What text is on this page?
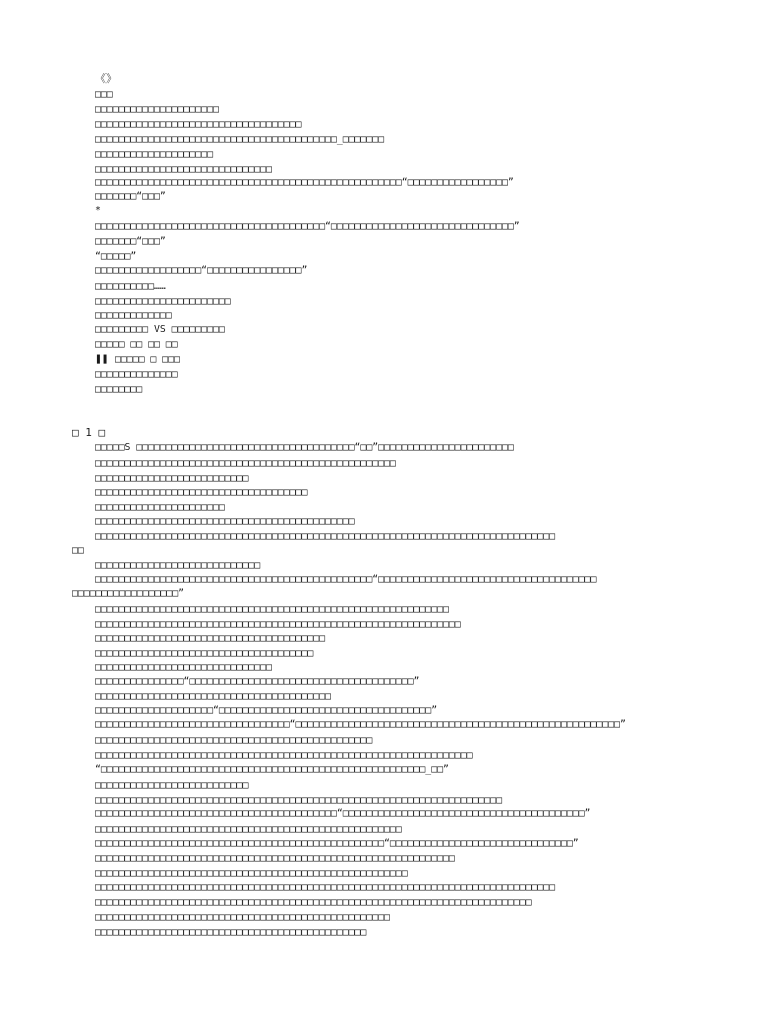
《》
□□□
□□□□□□□□□□□□□□□□□□□□□
□□□□□□□□□□□□□□□□□□□□□□□□□□□□□□□□□□□
□□□□□□□□□□□□□□□□□□□□□□□□□□□□□□□□□□□□□□□□□_□□□□□□□
□□□□□□□□□□□□□□□□□□□□
□□□□□□□□□□□□□□□□□□□□□□□□□□□□□□
□□□□□□□□□□□□□□□□□□□□□□□□□□□□□□□□□□□□□□□□□□□□□□□□□□□□“□□□□□□□□□□□□□□□□□”
□□□□□□□“□□□”
*
□□□□□□□□□□□□□□□□□□□□□□□□□□□□□□□□□□□□□□□“□□□□□□□□□□□□□□□□□□□□□□□□□□□□□□□”
□□□□□□□“□□□”
“□□□□□”
□□□□□□□□□□□□□□□□□□“□□□□□□□□□□□□□□□□”
□□□□□□□□□□……
□□□□□□□□□□□□□□□□□□□□□□□
□□□□□□□□□□□□□
□□□□□□□□□ VS □□□□□□□□□
□□□□□ □□ □□ □□
❚❚ □□□□□ □ □□□
□□□□□□□□□□□□□□
□□□□□□□□
□ 1 □
□□□□□S □□□□□□□□□□□□□□□□□□□□□□□□□□□□□□□□□□□□□“□□”□□□□□□□□□□□□□□□□□□□□□□□
□□□□□□□□□□□□□□□□□□□□□□□□□□□□□□□□□□□□□□□□□□□□□□□□□□□
□□□□□□□□□□□□□□□□□□□□□□□□□□
□□□□□□□□□□□□□□□□□□□□□□□□□□□□□□□□□□□□
□□□□□□□□□□□□□□□□□□□□□□
□□□□□□□□□□□□□□□□□□□□□□□□□□□□□□□□□□□□□□□□□□□□
□□□□□□□□□□□□□□□□□□□□□□□□□□□□□□□□□□□□□□□□□□□□□□□□□□□□□□□□□□□□□□□□□□□□□□□□□□□□□□
□□
□□□□□□□□□□□□□□□□□□□□□□□□□□□□
□□□□□□□□□□□□□□□□□□□□□□□□□□□□□□□□□□□□□□□□□□□□□□□“□□□□□□□□□□□□□□□□□□□□□□□□□□□□□□□□□□□□□
□□□□□□□□□□□□□□□□□□”
□□□□□□□□□□□□□□□□□□□□□□□□□□□□□□□□□□□□□□□□□□□□□□□□□□□□□□□□□□□□
□□□□□□□□□□□□□□□□□□□□□□□□□□□□□□□□□□□□□□□□□□□□□□□□□□□□□□□□□□□□□□
□□□□□□□□□□□□□□□□□□□□□□□□□□□□□□□□□□□□□□□
□□□□□□□□□□□□□□□□□□□□□□□□□□□□□□□□□□□□□
□□□□□□□□□□□□□□□□□□□□□□□□□□□□□□
□□□□□□□□□□□□□□□“□□□□□□□□□□□□□□□□□□□□□□□□□□□□□□□□□□□□□□”
□□□□□□□□□□□□□□□□□□□□□□□□□□□□□□□□□□□□□□□□
□□□□□□□□□□□□□□□□□□□□“□□□□□□□□□□□□□□□□□□□□□□□□□□□□□□□□□□□□”
□□□□□□□□□□□□□□□□□□□□□□□□□□□□□□□□□“□□□□□□□□□□□□□□□□□□□□□□□□□□□□□□□□□□□□□□□□□□□□□□□□□□□□□□□”
□□□□□□□□□□□□□□□□□□□□□□□□□□□□□□□□□□□□□□□□□□□□□□□
□□□□□□□□□□□□□□□□□□□□□□□□□□□□□□□□□□□□□□□□□□□□□□□□□□□□□□□□□□□□□□□□
“□□□□□□□□□□□□□□□□□□□□□□□□□□□□□□□□□□□□□□□□□□□□□□□□□□□□□□□_□□”
□□□□□□□□□□□□□□□□□□□□□□□□□□
□□□□□□□□□□□□□□□□□□□□□□□□□□□□□□□□□□□□□□□□□□□□□□□□□□□□□□□□□□□□□□□□□□□□□
□□□□□□□□□□□□□□□□□□□□□□□□□□□□□□□□□□□□□□□□□“□□□□□□□□□□□□□□□□□□□□□□□□□□□□□□□□□□□□□□□□□”
□□□□□□□□□□□□□□□□□□□□□□□□□□□□□□□□□□□□□□□□□□□□□□□□□□□□
□□□□□□□□□□□□□□□□□□□□□□□□□□□□□□□□□□□□□□□□□□□□□□□□□“□□□□□□□□□□□□□□□□□□□□□□□□□□□□□□□”
□□□□□□□□□□□□□□□□□□□□□□□□□□□□□□□□□□□□□□□□□□□□□□□□□□□□□□□□□□□□□
□□□□□□□□□□□□□□□□□□□□□□□□□□□□□□□□□□□□□□□□□□□□□□□□□□□□□
□□□□□□□□□□□□□□□□□□□□□□□□□□□□□□□□□□□□□□□□□□□□□□□□□□□□□□□□□□□□□□□□□□□□□□□□□□□□□□
□□□□□□□□□□□□□□□□□□□□□□□□□□□□□□□□□□□□□□□□□□□□□□□□□□□□□□□□□□□□□□□□□□□□□□□□□□
□□□□□□□□□□□□□□□□□□□□□□□□□□□□□□□□□□□□□□□□□□□□□□□□□□
□□□□□□□□□□□□□□□□□□□□□□□□□□□□□□□□□□□□□□□□□□□□□□
